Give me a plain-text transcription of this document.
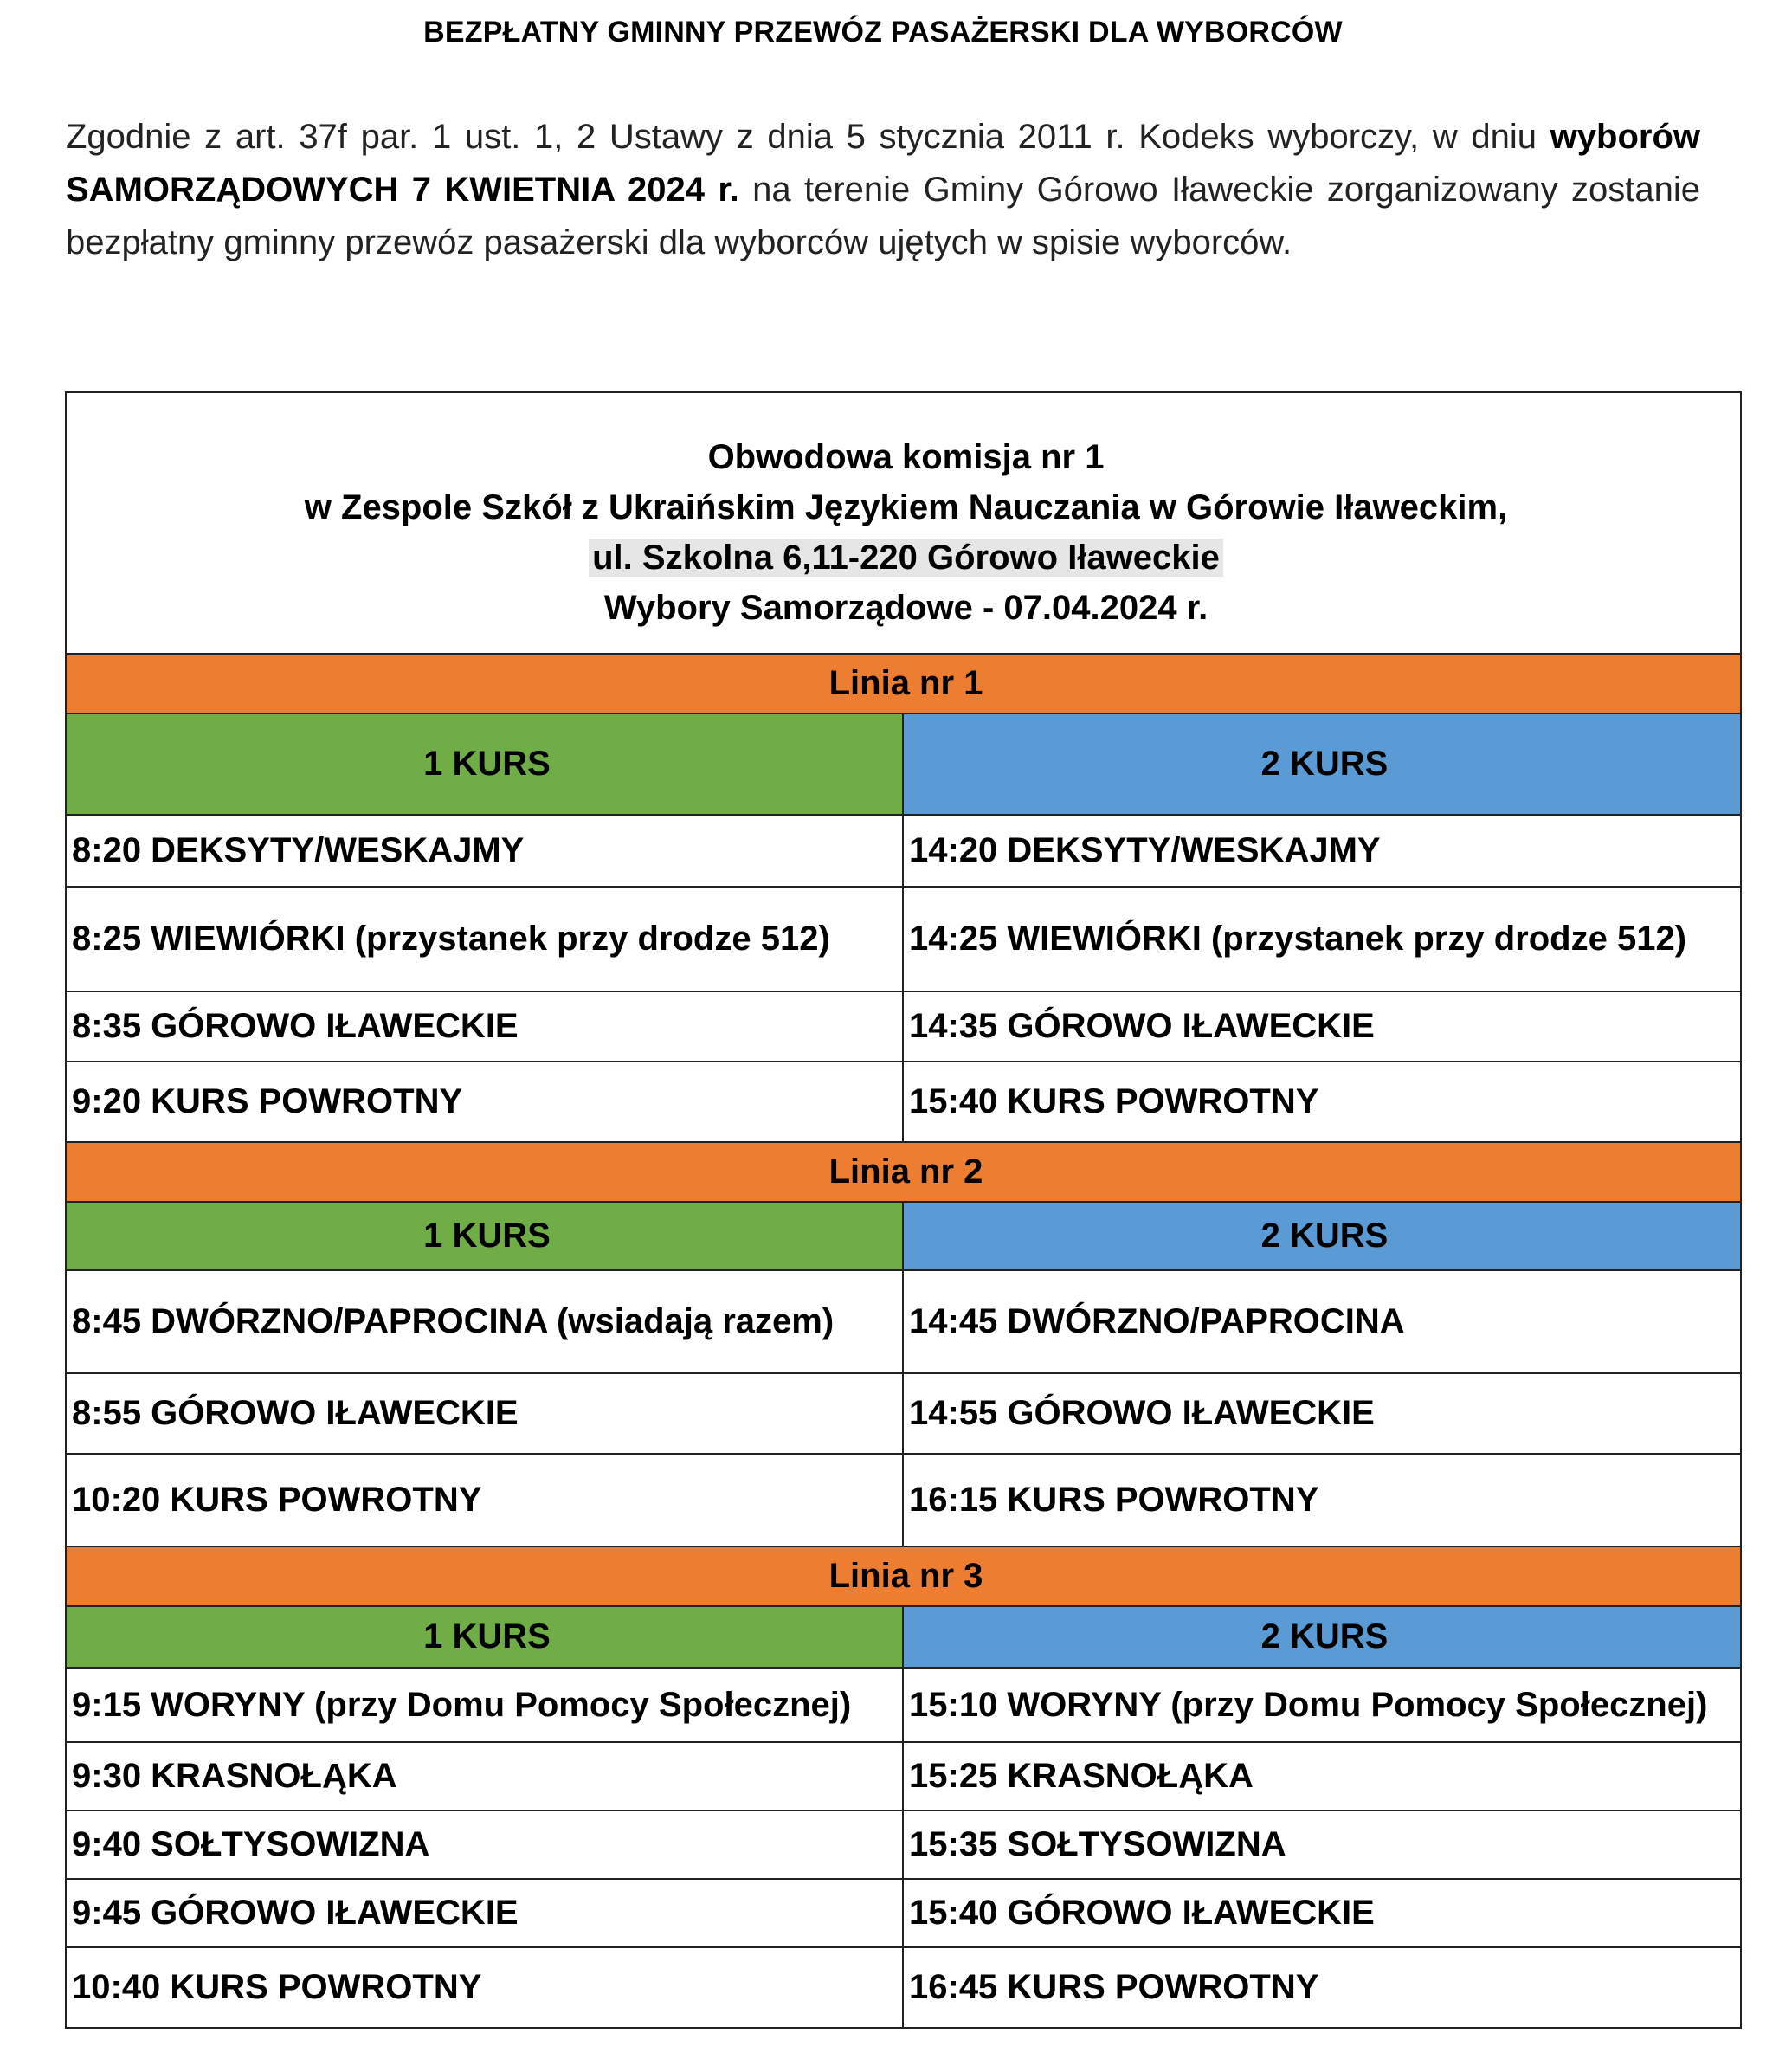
BEZPŁATNY GMINNY PRZEWÓZ PASAŻERSKI DLA WYBORCÓW

Zgodnie z art. 37f par. 1 ust. 1, 2 Ustawy z dnia 5 stycznia 2011 r. Kodeks wyborczy, w dniu wyborów SAMORZĄDOWYCH 7 KWIETNIA 2024 r. na terenie Gminy Górowo Iławeckie zorganizowany zostanie bezpłatny gminny przewóz pasażerski dla wyborców ujętych w spisie wyborców.

Obwodowa komisja nr 1
w Zespole Szkół z Ukraińskim Językiem Nauczania w Górowie Iławeckim,
ul. Szkolna 6,11-220 Górowo Iławeckie
Wybory Samorządowe - 07.04.2024 r.	

Linia nr 1	
1 KURS	2 KURS
8:20 DEKSYTY/WESKAJMY	14:20 DEKSYTY/WESKAJMY
8:25 WIEWIÓRKI (przystanek przy drodze 512)	14:25 WIEWIÓRKI (przystanek przy drodze 512)
8:35 GÓROWO IŁAWECKIE	14:35 GÓROWO IŁAWECKIE
9:20 KURS POWROTNY	15:40 KURS POWROTNY
Linia nr 2	
1 KURS	2 KURS
8:45 DWÓRZNO/PAPROCINA (wsiadają razem)	14:45 DWÓRZNO/PAPROCINA
8:55 GÓROWO IŁAWECKIE	14:55 GÓROWO IŁAWECKIE
10:20 KURS POWROTNY	16:15 KURS POWROTNY
Linia nr 3	
1 KURS	2 KURS
9:15 WORYNY (przy Domu Pomocy Społecznej)	15:10 WORYNY (przy Domu Pomocy Społecznej)
9:30 KRASNOŁĄKA	15:25 KRASNOŁĄKA
9:40 SOŁTYSOWIZNA	15:35 SOŁTYSOWIZNA
9:45 GÓROWO IŁAWECKIE	15:40 GÓROWO IŁAWECKIE
10:40 KURS POWROTNY	16:45 KURS POWROTNY
